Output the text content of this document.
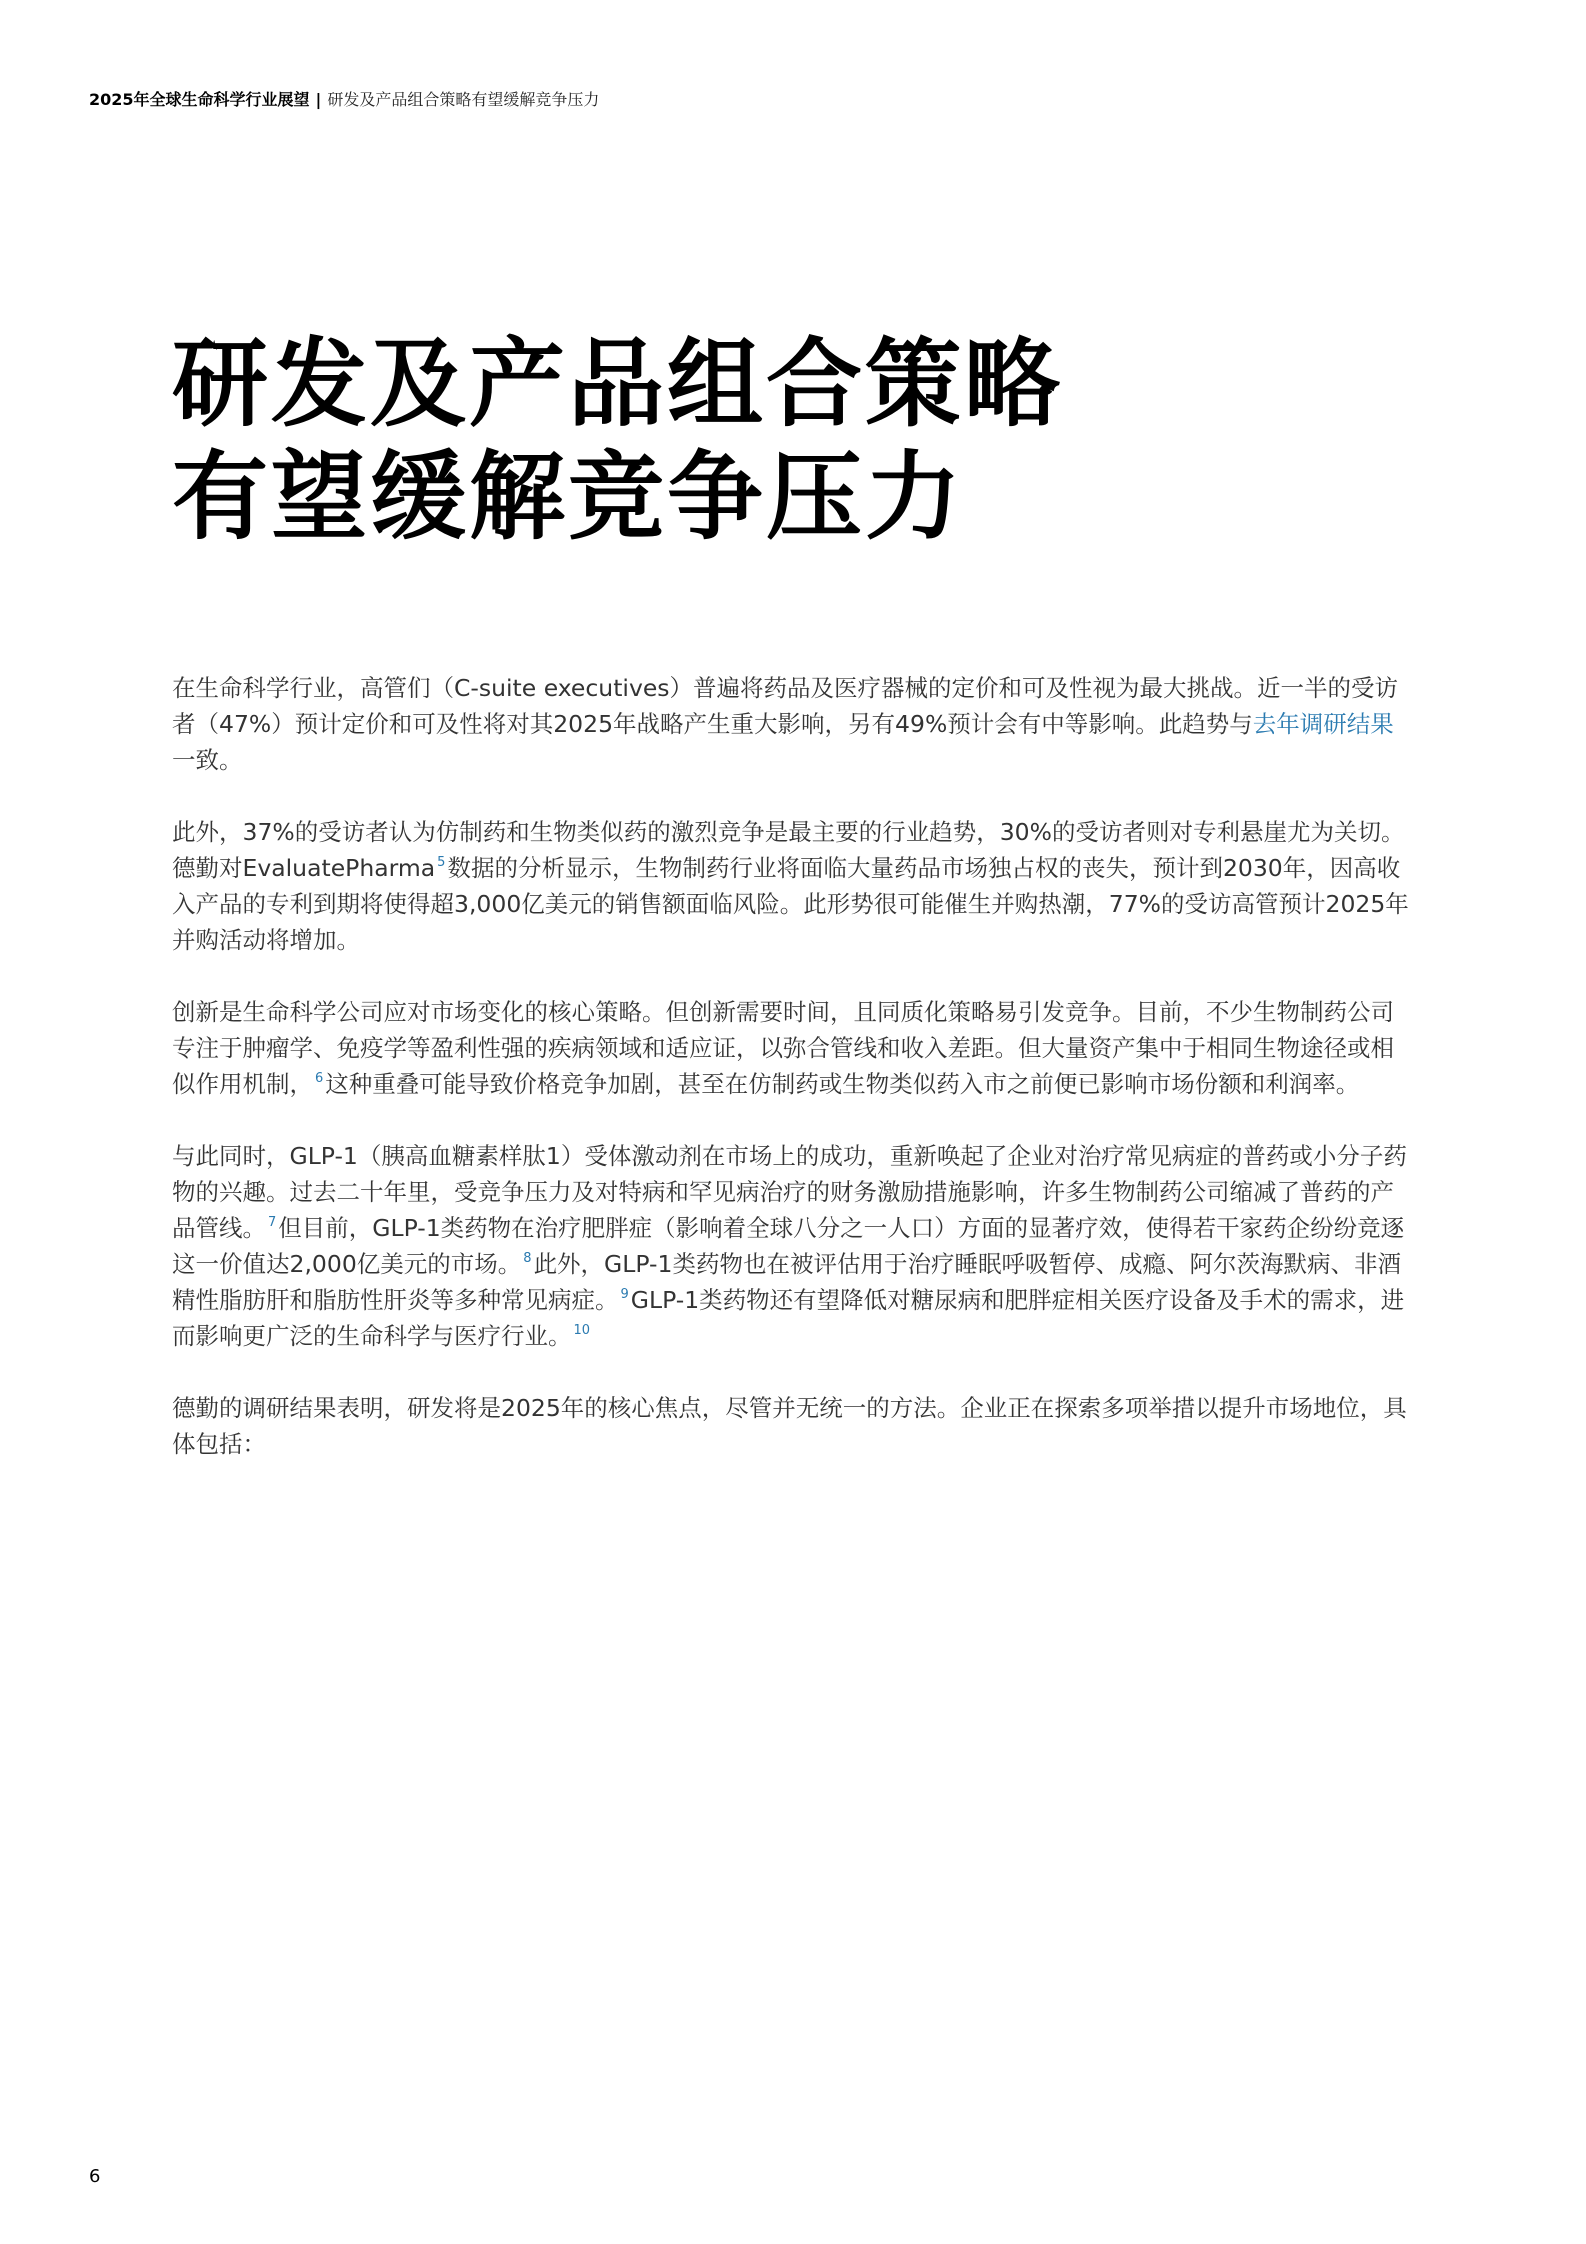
2025年全球生命科学行业展望 | 研发及产品组合策略有望缓解竞争压力
研发及产品组合策略
有望缓解竞争压力

在生命科学行业，高管们（C-suite executives）普遍将药品及医疗器械的定价和可及性视为最大挑战。近一半的受访者（47%）预计定价和可及性将对其2025年战略产生重大影响，另有49%预计会有中等影响。此趋势与去年调研结果一致。

此外，37%的受访者认为仿制药和生物类似药的激烈竞争是最主要的行业趋势，30%的受访者则对专利悬崖尤为关切。德勤对EvaluatePharma $^5$数据的分析显示，生物制药行业将面临大量药品市场独占权的丧失，预计到2030年，因高收入产品的专利到期将使得超3,000亿美元的销售额面临风险。此形势很可能催生并购热潮，77%的受访高管预计2025年并购活动将增加。

创新是生命科学公司应对市场变化的核心策略。但创新需要时间，且同质化策略易引发竞争。目前，不少生物制药公司专注于肿瘤学、免疫学等盈利性强的疾病领域和适应证，以弥合管线和收入差距。但大量资产集中于相同生物途径或相似作用机制， $^6$这种重叠可能导致价格竞争加剧，甚至在仿制药或生物类似药入市之前便已影响市场份额和利润率。

与此同时，GLP-1（胰高血糖素样肽1）受体激动剂在市场上的成功，重新唤起了企业对治疗常见病症的普药或小分子药物的兴趣。过去二十年里，受竞争压力及对特病和罕见病治疗的财务激励措施影响，许多生物制药公司缩减了普药的产品管线。 $^7$但目前，GLP-1类药物在治疗肥胖症（影响着全球八分之一人口）方面的显著疗效，使得若干家药企纷纷竞逐这一价值达2,000亿美元的市场。 $^8$此外，GLP-1类药物也在被评估用于治疗睡眠呼吸暂停、成瘾、阿尔茨海默病、非酒精性脂肪肝和脂肪性肝炎等多种常见病症。 $^9$GLP-1类药物还有望降低对糖尿病和肥胖症相关医疗设备及手术的需求，进而影响更广泛的生命科学与医疗行业。 $^{10}$

德勤的调研结果表明，研发将是2025年的核心焦点，尽管并无统一的方法。企业正在探索多项举措以提升市场地位，具体包括：

6
